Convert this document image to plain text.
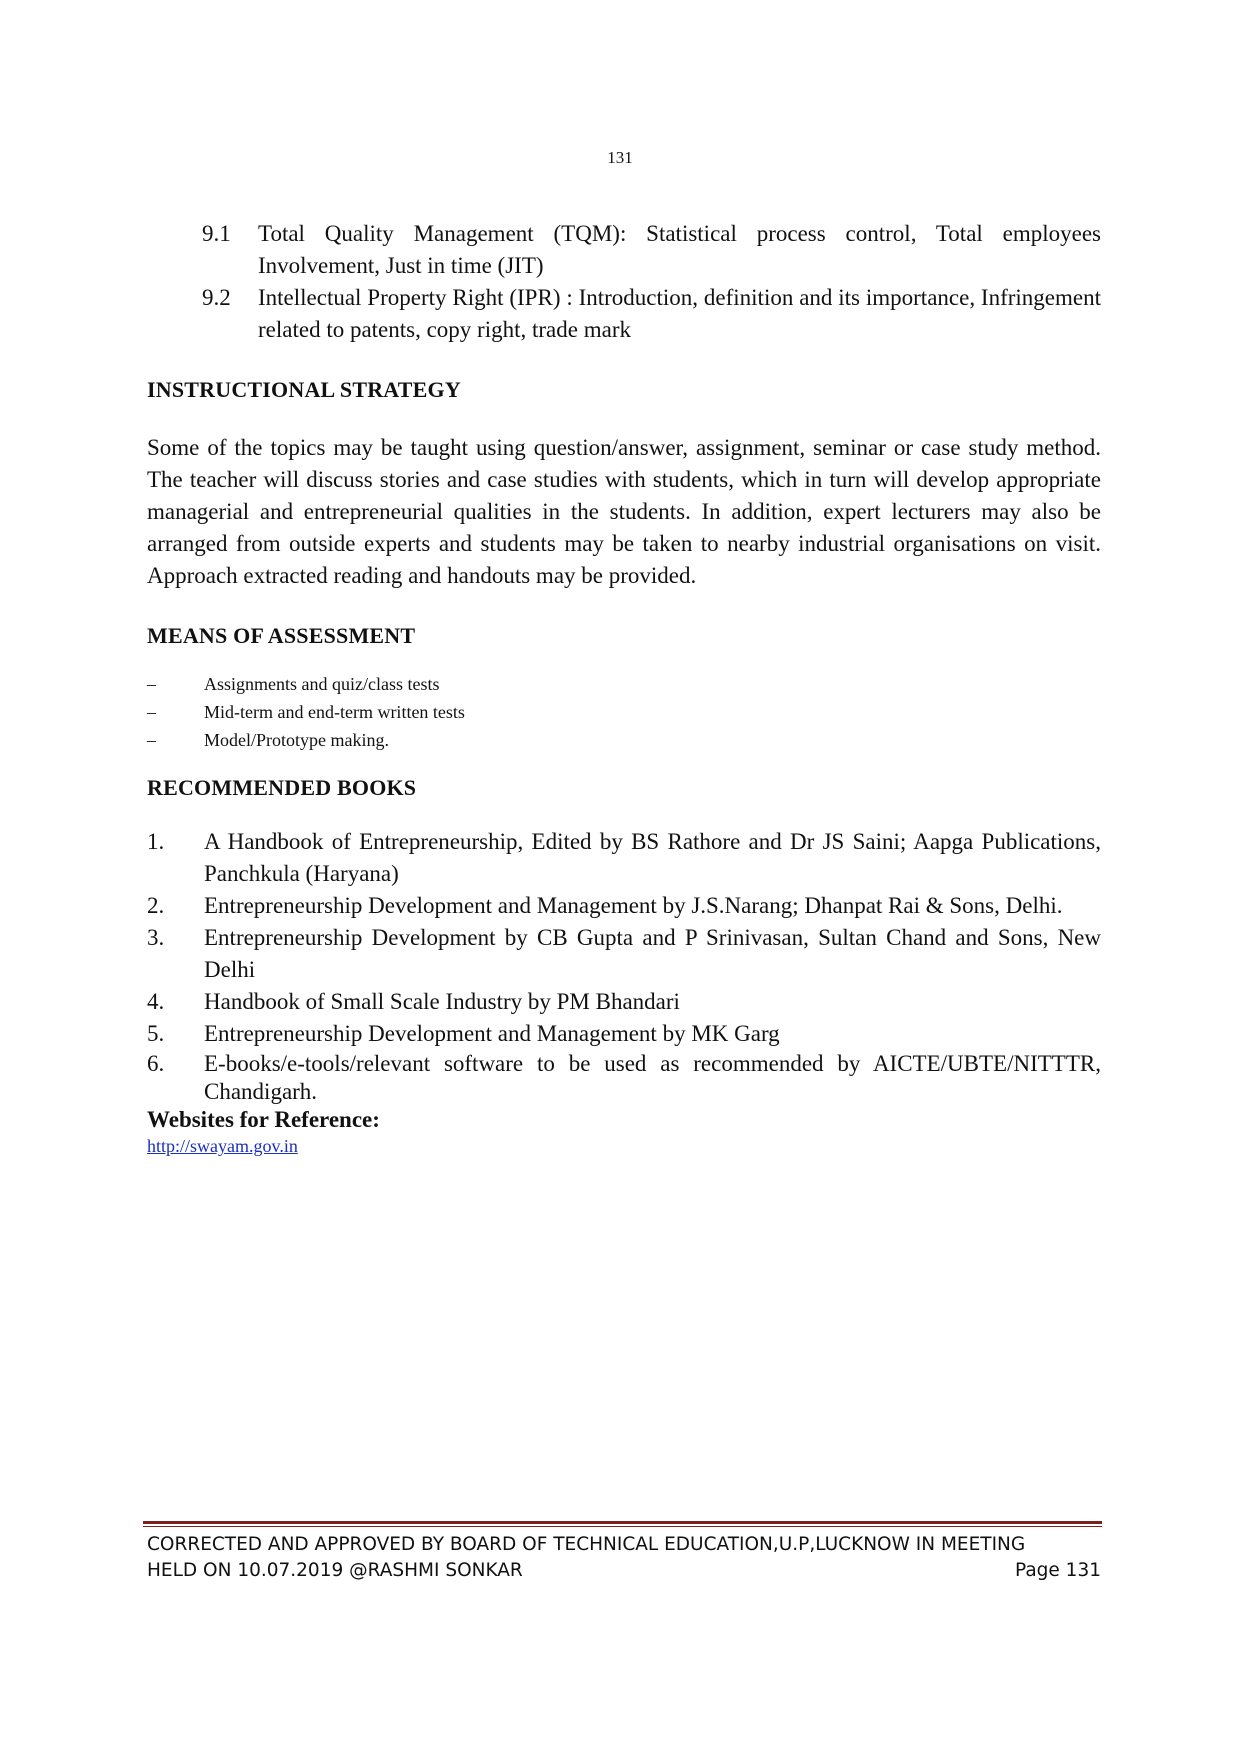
131
9.1	Total Quality Management (TQM): Statistical process control, Total employees Involvement, Just in time (JIT)
9.2	Intellectual Property Right (IPR) : Introduction, definition and its importance, Infringement related to patents, copy right, trade mark
INSTRUCTIONAL STRATEGY
Some of the topics may be taught using question/answer, assignment, seminar or case study method. The teacher will discuss stories and case studies with students, which in turn will develop appropriate managerial and entrepreneurial qualities in the students. In addition, expert lecturers may also be arranged from outside experts and students may be taken to nearby industrial organisations on visit. Approach extracted reading and handouts may be provided.
MEANS OF ASSESSMENT
–	Assignments and quiz/class tests
–	Mid-term and end-term written tests
–	Model/Prototype making.
RECOMMENDED BOOKS
1.	A Handbook of Entrepreneurship, Edited by BS Rathore and Dr JS Saini; Aapga Publications, Panchkula (Haryana)
2.	Entrepreneurship Development and Management by J.S.Narang; Dhanpat Rai & Sons, Delhi.
3.	Entrepreneurship Development by CB Gupta and P Srinivasan, Sultan Chand and Sons, New Delhi
4.	Handbook of Small Scale Industry by PM Bhandari
5.	Entrepreneurship Development and Management by MK Garg
6.	E-books/e-tools/relevant software to be used as recommended by AICTE/UBTE/NITTTR, Chandigarh.
Websites for Reference:
http://swayam.gov.in
CORRECTED AND APPROVED BY BOARD OF TECHNICAL EDUCATION,U.P,LUCKNOW IN MEETING
HELD ON 10.07.2019 @RASHMI SONKAR	Page 131
